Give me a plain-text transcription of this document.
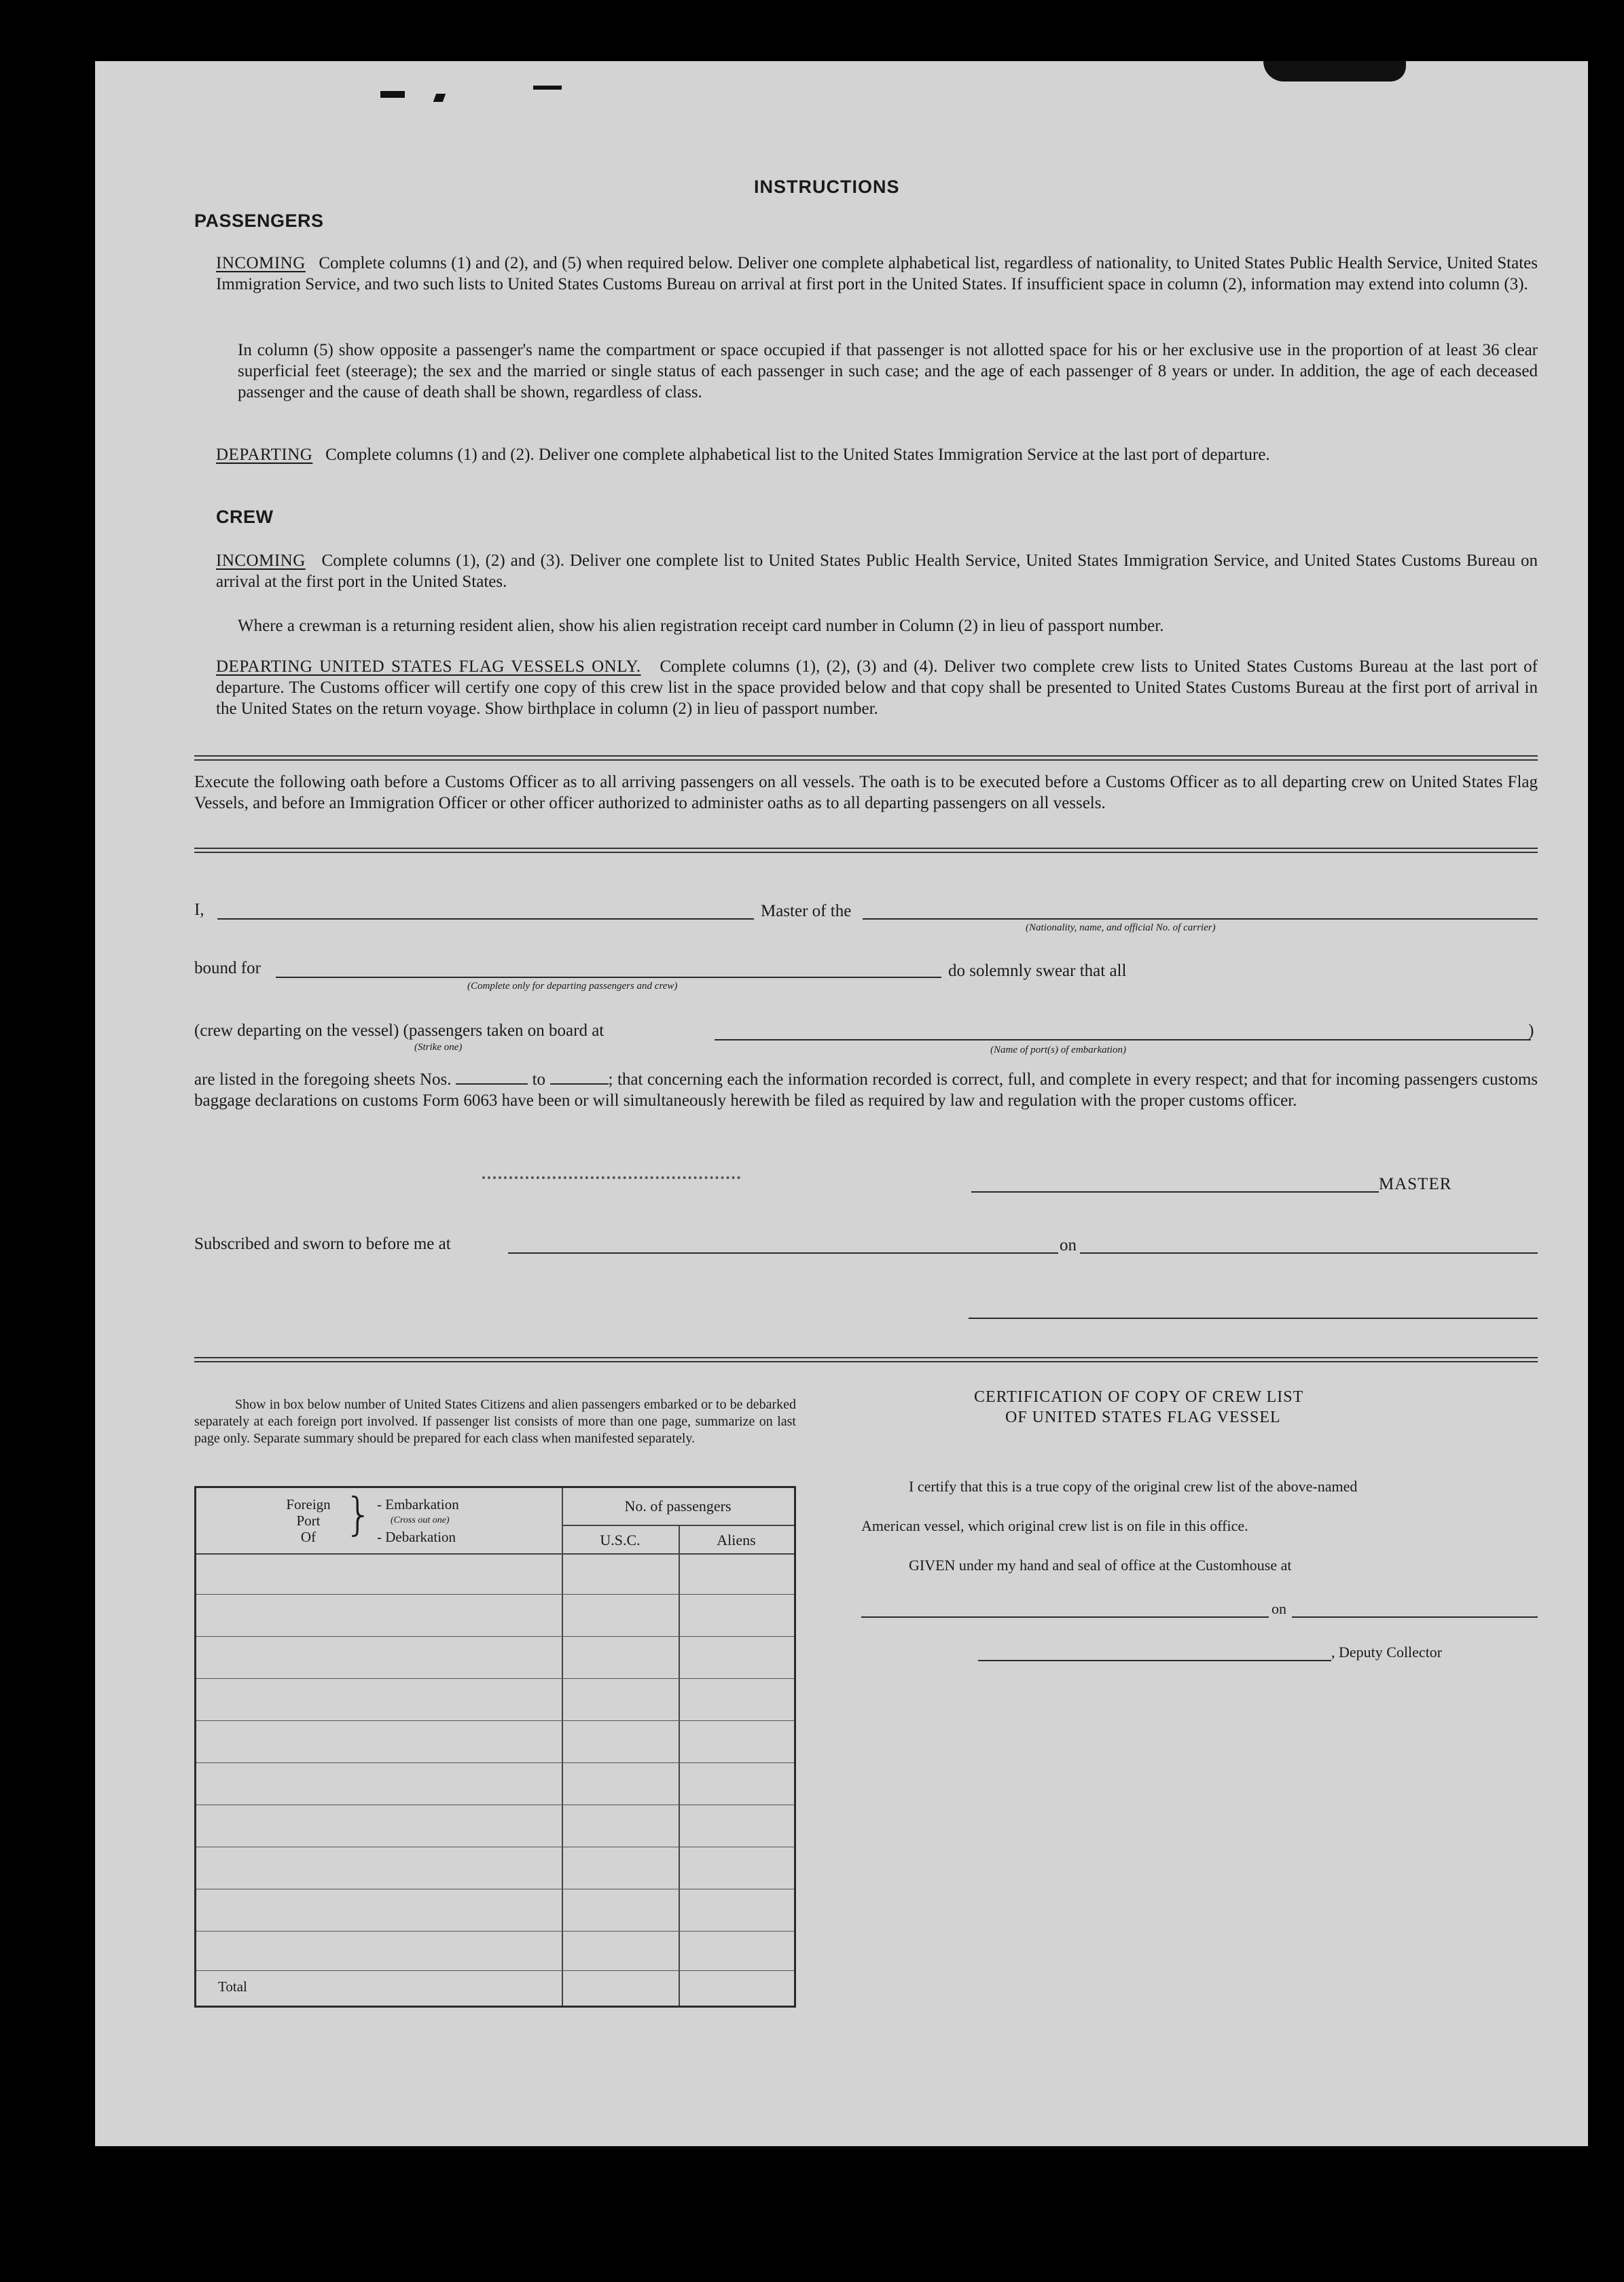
INSTRUCTIONS
PASSENGERS
INCOMING Complete columns (1) and (2), and (5) when required below. Deliver one complete alphabetical list, regardless of nationality, to United States Public Health Service, United States Immigration Service, and two such lists to United States Customs Bureau on arrival at first port in the United States. If insufficient space in column (2), information may extend into column (3).
In column (5) show opposite a passenger's name the compartment or space occupied if that passenger is not allotted space for his or her exclusive use in the proportion of at least 36 clear superficial feet (steerage); the sex and the married or single status of each passenger in such case; and the age of each passenger of 8 years or under. In addition, the age of each deceased passenger and the cause of death shall be shown, regardless of class.
DEPARTING Complete columns (1) and (2). Deliver one complete alphabetical list to the United States Immigration Service at the last port of departure.
CREW
INCOMING Complete columns (1), (2) and (3). Deliver one complete list to United States Public Health Service, United States Immigration Service, and United States Customs Bureau on arrival at the first port in the United States.
Where a crewman is a returning resident alien, show his alien registration receipt card number in Column (2) in lieu of passport number.
DEPARTING UNITED STATES FLAG VESSELS ONLY. Complete columns (1), (2), (3) and (4). Deliver two complete crew lists to United States Customs Bureau at the last port of departure. The Customs officer will certify one copy of this crew list in the space provided below and that copy shall be presented to United States Customs Bureau at the first port of arrival in the United States on the return voyage. Show birthplace in column (2) in lieu of passport number.
Execute the following oath before a Customs Officer as to all arriving passengers on all vessels. The oath is to be executed before a Customs Officer as to all departing crew on United States Flag Vessels, and before an Immigration Officer or other officer authorized to administer oaths as to all departing passengers on all vessels.
I,	Master of the
(Nationality, name, and official No. of carrier)
bound for
(Complete only for departing passengers and crew)
do solemnly swear that all
(crew departing on the vessel) (passengers taken on board at
(Strike one)
)
(Name of port(s) of embarkation)
are listed in the foregoing sheets Nos.	to	; that concerning each the information recorded is correct, full, and complete in every respect; and that for incoming passengers customs baggage declarations on customs Form 6063 have been or will simultaneously herewith be filed as required by law and regulation with the proper customs officer.
MASTER
Subscribed and sworn to before me at	on
Show in box below number of United States Citizens and alien passengers embarked or to be debarked separately at each foreign port involved. If passenger list consists of more than one page, summarize on last page only. Separate summary should be prepared for each class when manifested separately.
Foreign
Port
Of } - Embarkation
(Cross out one)
- Debarkation
No. of passengers
U.S.C.	Aliens
Total
CERTIFICATION OF COPY OF CREW LIST
OF UNITED STATES FLAG VESSEL
I certify that this is a true copy of the original crew list of the above-named
American vessel, which original crew list is on file in this office.
GIVEN under my hand and seal of office at the Customhouse at
on
, Deputy Collector
